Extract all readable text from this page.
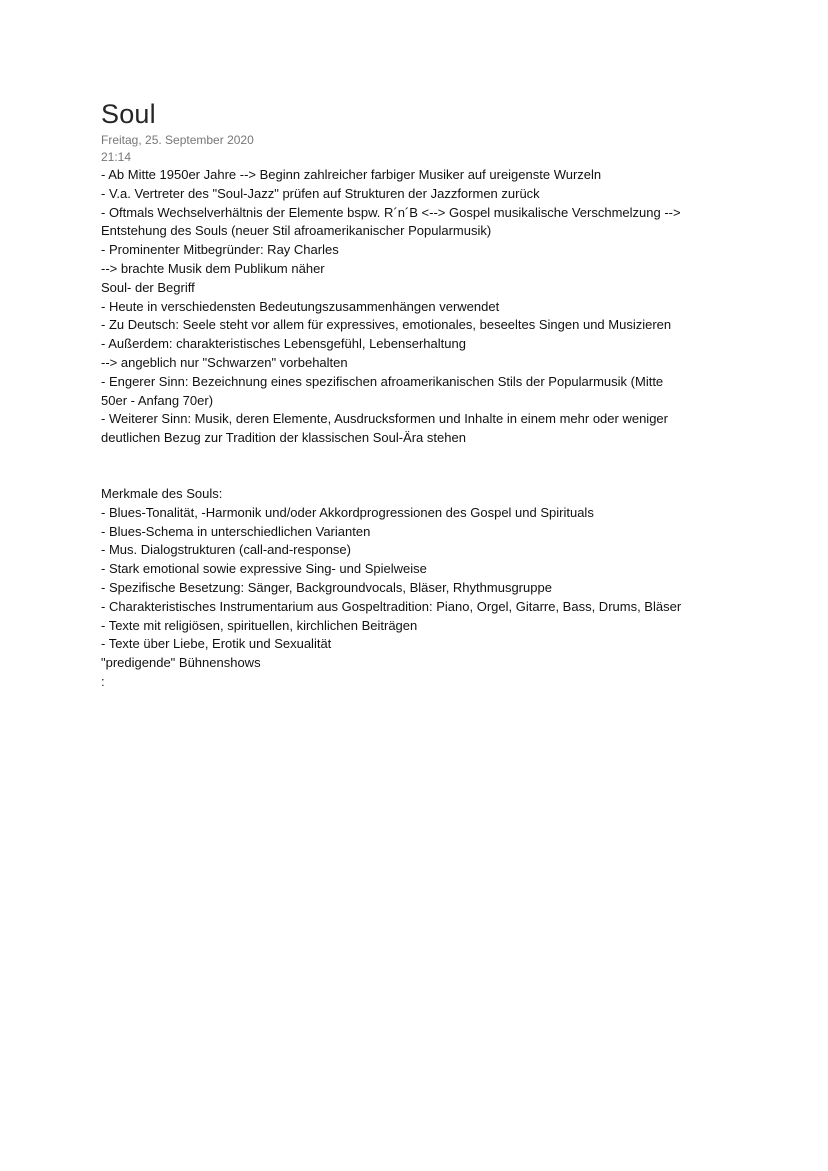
Soul
Freitag, 25. September 2020
21:14
- Ab Mitte 1950er Jahre --> Beginn zahlreicher farbiger Musiker auf ureigenste Wurzeln
- V.a. Vertreter des "Soul-Jazz" prüfen auf Strukturen der Jazzformen zurück
- Oftmals Wechselverhältnis der Elemente bspw. R´n´B <--> Gospel musikalische Verschmelzung -->
Entstehung des Souls (neuer Stil afroamerikanischer Popularmusik)
- Prominenter Mitbegründer: Ray Charles
--> brachte Musik dem Publikum näher
Soul- der Begriff
- Heute in verschiedensten Bedeutungszusammenhängen verwendet
- Zu Deutsch: Seele steht vor allem für expressives, emotionales, beseeltes Singen und Musizieren
- Außerdem: charakteristisches Lebensgefühl, Lebenserhaltung
--> angeblich nur "Schwarzen" vorbehalten
- Engerer Sinn: Bezeichnung eines spezifischen afroamerikanischen Stils der Popularmusik (Mitte
50er - Anfang 70er)
- Weiterer Sinn: Musik, deren Elemente, Ausdrucksformen und Inhalte in einem mehr oder weniger
deutlichen Bezug zur Tradition der klassischen Soul-Ära stehen
Merkmale des Souls:
- Blues-Tonalität, -Harmonik und/oder Akkordprogressionen des Gospel und Spirituals
- Blues-Schema in unterschiedlichen Varianten
- Mus. Dialogstrukturen (call-and-response)
- Stark emotional sowie expressive Sing- und Spielweise
- Spezifische Besetzung: Sänger, Backgroundvocals, Bläser, Rhythmusgruppe
- Charakteristisches Instrumentarium aus Gospeltradition: Piano, Orgel, Gitarre, Bass, Drums, Bläser
- Texte mit religiösen, spirituellen, kirchlichen Beiträgen
- Texte über Liebe, Erotik und Sexualität
"predigende" Bühnenshows
:
